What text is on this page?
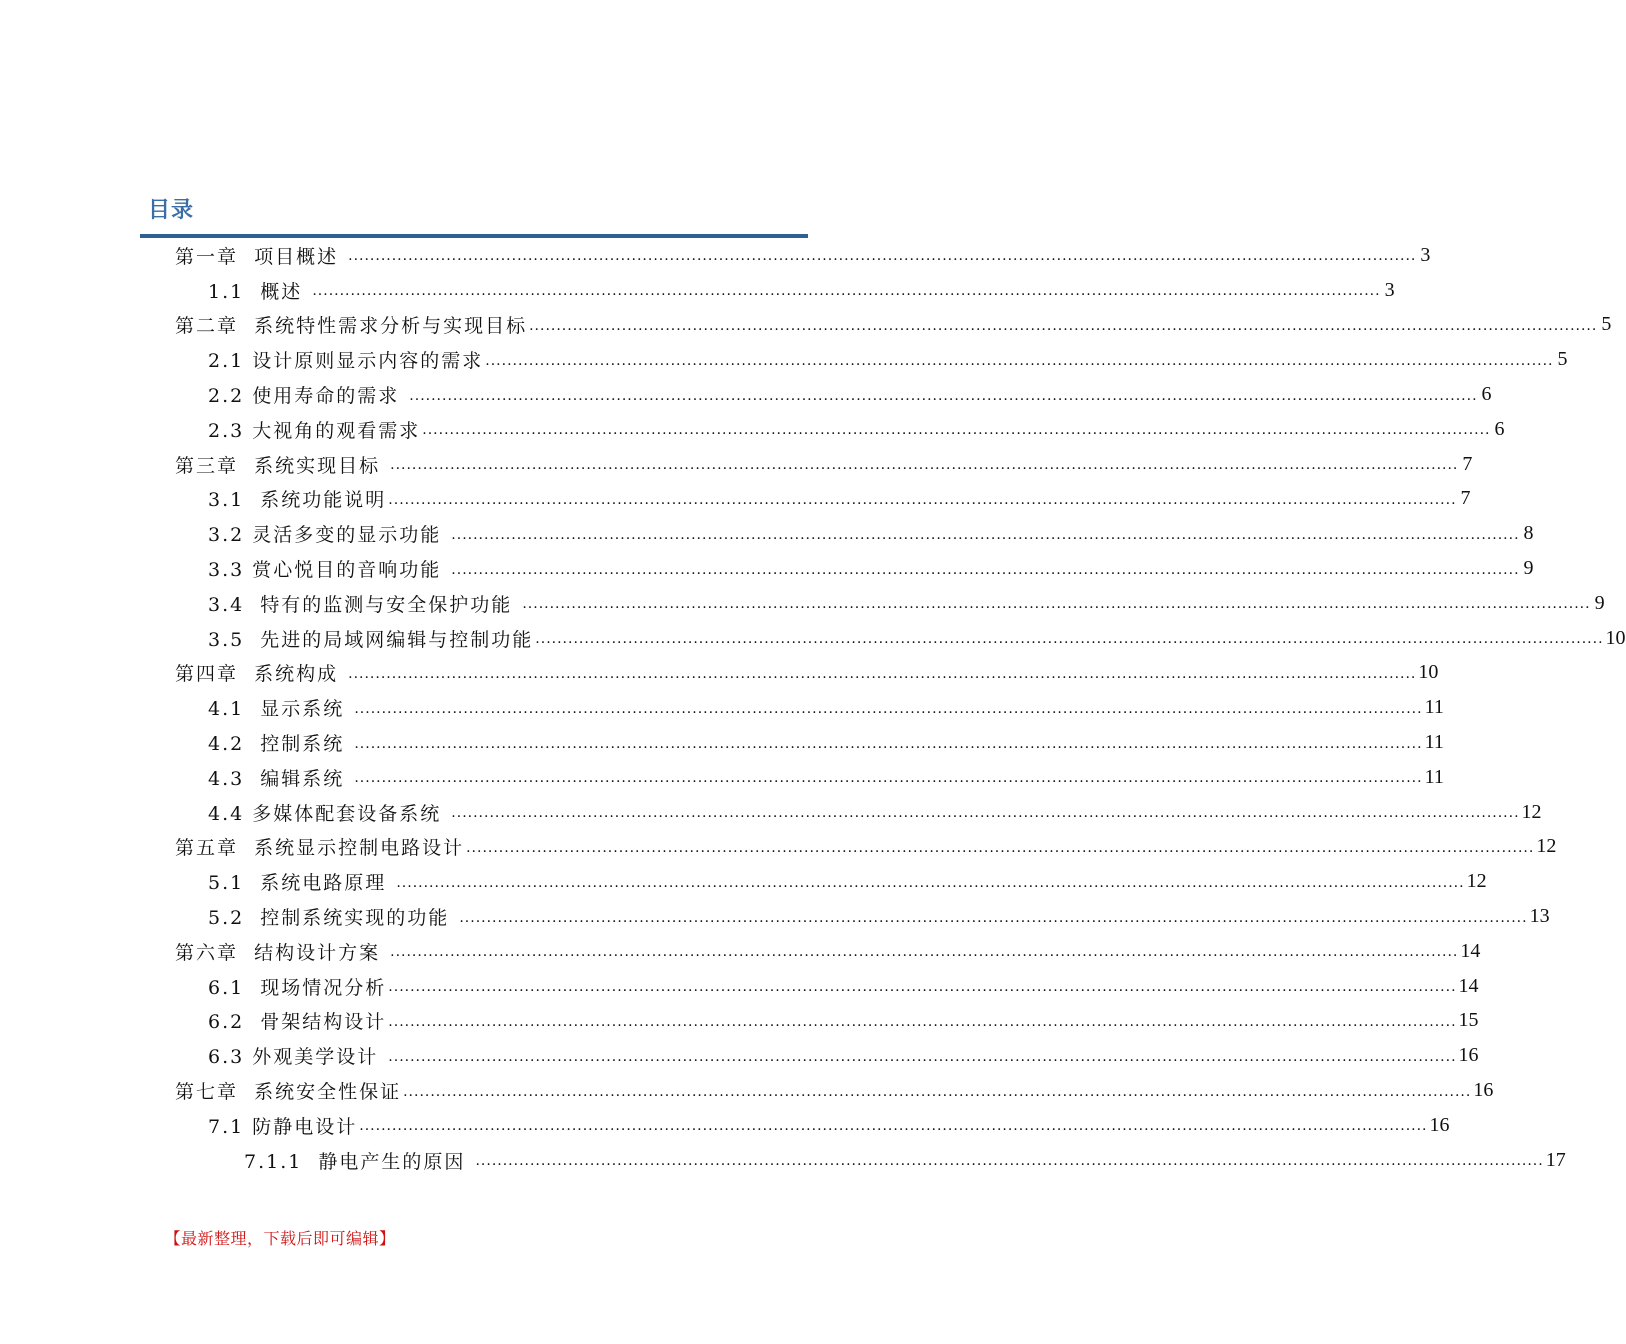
目录
第一章  项目概述 .................................................................................................................................................................................................... 3
1.1  概述 .................................................................................................................................................................................................... 3
第二章  系统特性需求分析与实现目标 .................................................................................................................................................................................................... 5
2.1 设计原则显示内容的需求 .................................................................................................................................................................................................... 5
2.2 使用寿命的需求 .................................................................................................................................................................................................... 6
2.3 大视角的观看需求 .................................................................................................................................................................................................... 6
第三章  系统实现目标 .................................................................................................................................................................................................... 7
3.1  系统功能说明 .................................................................................................................................................................................................... 7
3.2 灵活多变的显示功能 .................................................................................................................................................................................................... 8
3.3 赏心悦目的音响功能 .................................................................................................................................................................................................... 9
3.4  特有的监测与安全保护功能 .................................................................................................................................................................................................... 9
3.5  先进的局域网编辑与控制功能 .................................................................................................................................................................................................... 10
第四章  系统构成 .................................................................................................................................................................................................... 10
4.1  显示系统 .................................................................................................................................................................................................... 11
4.2  控制系统 .................................................................................................................................................................................................... 11
4.3  编辑系统 .................................................................................................................................................................................................... 11
4.4 多媒体配套设备系统 .................................................................................................................................................................................................... 12
第五章  系统显示控制电路设计 .................................................................................................................................................................................................... 12
5.1  系统电路原理 .................................................................................................................................................................................................... 12
5.2  控制系统实现的功能 .................................................................................................................................................................................................... 13
第六章  结构设计方案 .................................................................................................................................................................................................... 14
6.1  现场情况分析 .................................................................................................................................................................................................... 14
6.2  骨架结构设计 .................................................................................................................................................................................................... 15
6.3 外观美学设计 .................................................................................................................................................................................................... 16
第七章  系统安全性保证 .................................................................................................................................................................................................... 16
7.1 防静电设计 .................................................................................................................................................................................................... 16
7.1.1  静电产生的原因 .................................................................................................................................................................................................... 17
【最新整理，下载后即可编辑】
